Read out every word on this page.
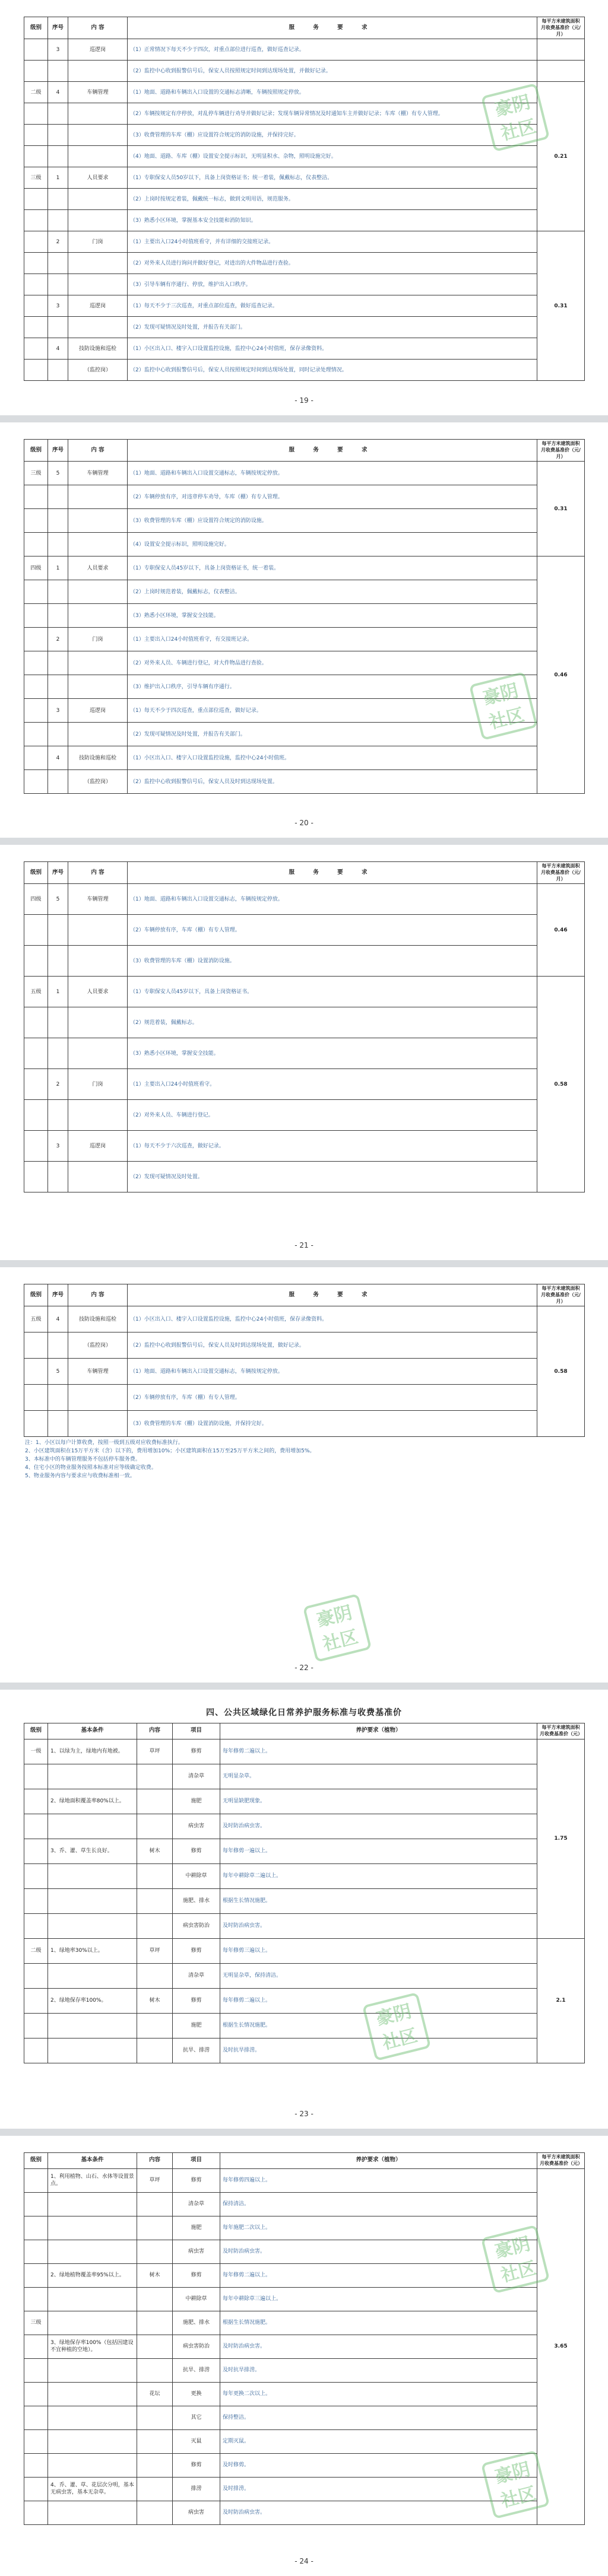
级别	序号	内 容	服 务 要 求	每平方米建筑面积月收费基准价（元/月）
	3	巡逻岗	（1）正常情况下每天不少于四次，对重点部位进行巡查，做好巡查记录。	
			（2）监控中心收到报警信号后，保安人员按照规定时间到达现场处置，并做好记录。	
二级	4	车辆管理	（1）地面、道路和车辆出入口设置的交通标志清晰，车辆按照规定停放。	0.21
			（2）车辆按规定有序停放，对乱停车辆进行劝导并做好记录；发现车辆异常情况及时通知车主并做好记录；车库（棚）有专人管理。	
			（3）收费管理的车库（棚）应设置符合规定的消防设施，并保持完好。	
			（4）地面、道路、车库（棚）设置安全提示标识，无明显积水、杂物，照明设施完好。	
三级	1	人员要求	（1）专职保安人员50岁以下，具备上岗资格证书；统一着装，佩戴标志，仪表整洁。	
			（2）上岗时按规定着装，佩戴统一标志，做到文明用语，规范服务。	
			（3）熟悉小区环境，掌握基本安全技能和消防知识。	
	2	门岗	（1）主要出入口24小时值班看守，并有详细的交接班记录。	0.31
			（2）对外来人员进行询问并做好登记，对进出的大件物品进行查验。	
			（3）引导车辆有序通行、停放，维护出入口秩序。	
	3	巡逻岗	（1）每天不少于三次巡查，对重点部位巡查，做好巡查记录。	
			（2）发现可疑情况及时处置，并报告有关部门。	
	4	技防设施和巡检	（1）小区出入口、楼宇入口设置监控设施，监控中心24小时值班，保存录像资料。	
		（监控岗）	（2）监控中心收到报警信号后，保安人员按照规定时间到达现场处置，同时记录处理情况。	
豪阴
社区
- 19 -
级别	序号	内 容	服 务 要 求	每平方米建筑面积月收费基准价（元/月）
三级	5	车辆管理	（1）地面、道路和车辆出入口设置交通标志，车辆按规定停放。	0.31
			（2）车辆停放有序，对违章停车劝导，车库（棚）有专人管理。	
			（3）收费管理的车库（棚）应设置符合规定的消防设施。	
			（4）设置安全提示标识，照明设施完好。	
四级	1	人员要求	（1）专职保安人员45岁以下，具备上岗资格证书，统一着装。	0.46
			（2）上岗时规范着装，佩戴标志，仪表整洁。	
			（3）熟悉小区环境，掌握安全技能。	
	2	门岗	（1）主要出入口24小时值班看守，有交接班记录。	
			（2）对外来人员、车辆进行登记，对大件物品进行查验。	
			（3）维护出入口秩序，引导车辆有序通行。	
	3	巡逻岗	（1）每天不少于四次巡查，重点部位巡查，做好记录。	
			（2）发现可疑情况及时处置，并报告有关部门。	
	4	技防设施和巡检	（1）小区出入口、楼宇入口设置监控设施，监控中心24小时值班。	
		（监控岗）	（2）监控中心收到报警信号后，保安人员及时到达现场处置。	
豪阴
社区
- 20 -
级别	序号	内 容	服 务 要 求	每平方米建筑面积月收费基准价（元/月）
四级	5	车辆管理	（1）地面、道路和车辆出入口设置交通标志，车辆按规定停放。	0.46
			（2）车辆停放有序，车库（棚）有专人管理。	
			（3）收费管理的车库（棚）设置消防设施。	
五级	1	人员要求	（1）专职保安人员45岁以下，具备上岗资格证书。	0.58
			（2）规范着装，佩戴标志。	
			（3）熟悉小区环境，掌握安全技能。	
	2	门岗	（1）主要出入口24小时值班看守。	
			（2）对外来人员、车辆进行登记。	
	3	巡逻岗	（1）每天不少于六次巡查，做好记录。	
			（2）发现可疑情况及时处置。	
- 21 -
级别	序号	内 容	服 务 要 求	每平方米建筑面积月收费基准价（元/月）
五级	4	技防设施和巡检	（1）小区出入口、楼宇入口设置监控设施，监控中心24小时值班，保存录像资料。	0.58
		（监控岗）	（2）监控中心收到报警信号后，保安人员及时到达现场处置，做好记录。	
	5	车辆管理	（1）地面、道路和车辆出入口设置交通标志，车辆按规定停放。	
			（2）车辆停放有序，车库（棚）有专人管理。	
			（3）收费管理的车库（棚）设置消防设施，并保持完好。	
注：1、小区以每户计算收费，按照一级到五级对应收费标准执行。
2、小区建筑面积在15万平方米（含）以下的，费用增加10%；小区建筑面积在15万至25万平方米之间的，费用增加5%。
3、本标准中的车辆管理服务不包括停车服务费。
4、住宅小区的物业服务按照本标准对应等级确定收费。
5、物业服务内容与要求应与收费标准相一致。
豪阴
社区
- 22 -
四、公共区域绿化日常养护服务标准与收费基准价
级别	基本条件	内容	项目	养护要求（植物）	每平方米建筑面积月收费基准价（元）
一级	1、以绿为主，绿地内有地被。	草坪	修剪	每年修剪二遍以上。	1.75
			清杂草	无明显杂草。	
	2、绿地面积覆盖率80%以上。		施肥	无明显缺肥现象。	
			病虫害	及时防治病虫害。	
	3、乔、灌、草生长良好。	树木	修剪	每年修剪一遍以上。	
			中耕除草	每年中耕除草二遍以上。	
			施肥、排水	根据生长情况施肥。	
			病虫害防治	及时防治病虫害。	
二级	1、绿地率30%以上。	草坪	修剪	每年修剪三遍以上。	2.1
			清杂草	无明显杂草，保持清洁。	
	2、绿地保存率100%。	树木	修剪	每年修剪二遍以上。	
			施肥	根据生长情况施肥。	
			抗旱、排涝	及时抗旱排涝。	
豪阴
社区
- 23 -
级别	基本条件	内容	项目	养护要求（植物）	每平方米建筑面积月收费基准价（元）
	1、利用植物、山石、水体等设置景点。	草坪	修剪	每年修剪四遍以上。	3.65
			清杂草	保持清洁。	
			施肥	每年施肥二次以上。	
			病虫害	及时防治病虫害。	
	2、绿地植物覆盖率95%以上。	树木	修剪	每年修剪二遍以上。	
			中耕除草	每年中耕除草三遍以上。	
三级			施肥、排水	根据生长情况施肥。	
	3、绿地保存率100%（包括因建设不宜种植的空地）。		病虫害防治	及时防治病虫害。	
			抗旱、排涝	及时抗旱排涝。	
		花坛	更换	每年更换二次以上。	
			其它	保持整洁。	
			灭鼠	定期灭鼠。	
			修剪	及时修剪。	
	4、乔、灌、草、花层次分明，基本无病虫害，基本无杂草。		排涝	及时排涝。	
			病虫害	及时防治病虫害。	
豪阴
社区
豪阴
社区
- 24 -
